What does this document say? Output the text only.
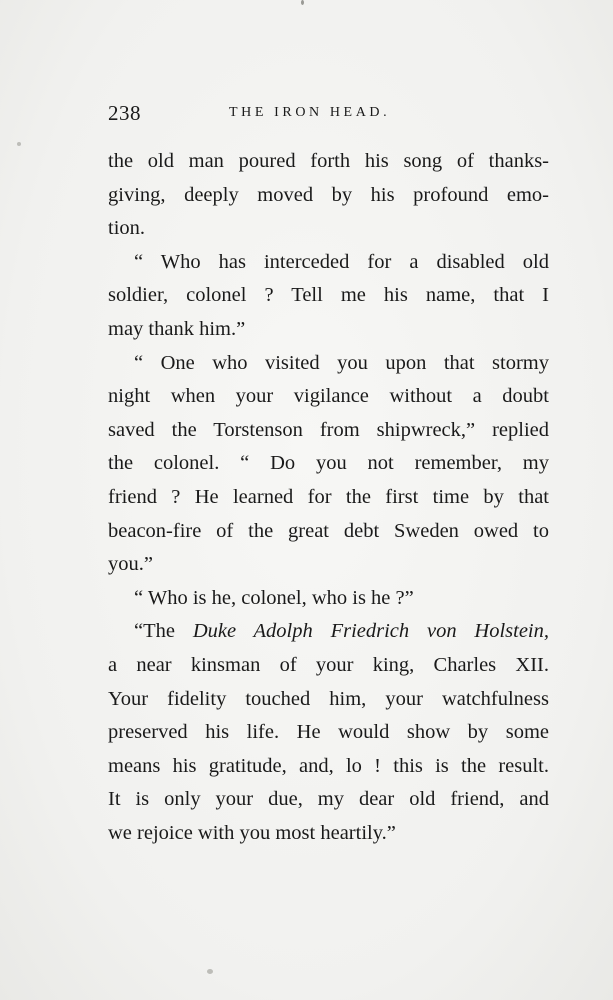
238	THE IRON HEAD.
the old man poured forth his song of thanks-
giving, deeply moved by his profound emo-
tion.
“ Who has interceded for a disabled old
soldier, colonel ? Tell me his name, that I
may thank him.”
“ One who visited you upon that stormy
night when your vigilance without a doubt
saved the Torstenson from shipwreck,” replied
the colonel. “ Do you not remember, my
friend ? He learned for the first time by that
beacon-fire of the great debt Sweden owed to
you.”
“ Who is he, colonel, who is he ?”
“The Duke Adolph Friedrich von Holstein,
a near kinsman of your king, Charles XII.
Your fidelity touched him, your watchfulness
preserved his life. He would show by some
means his gratitude, and, lo ! this is the result.
It is only your due, my dear old friend, and
we rejoice with you most heartily.”
